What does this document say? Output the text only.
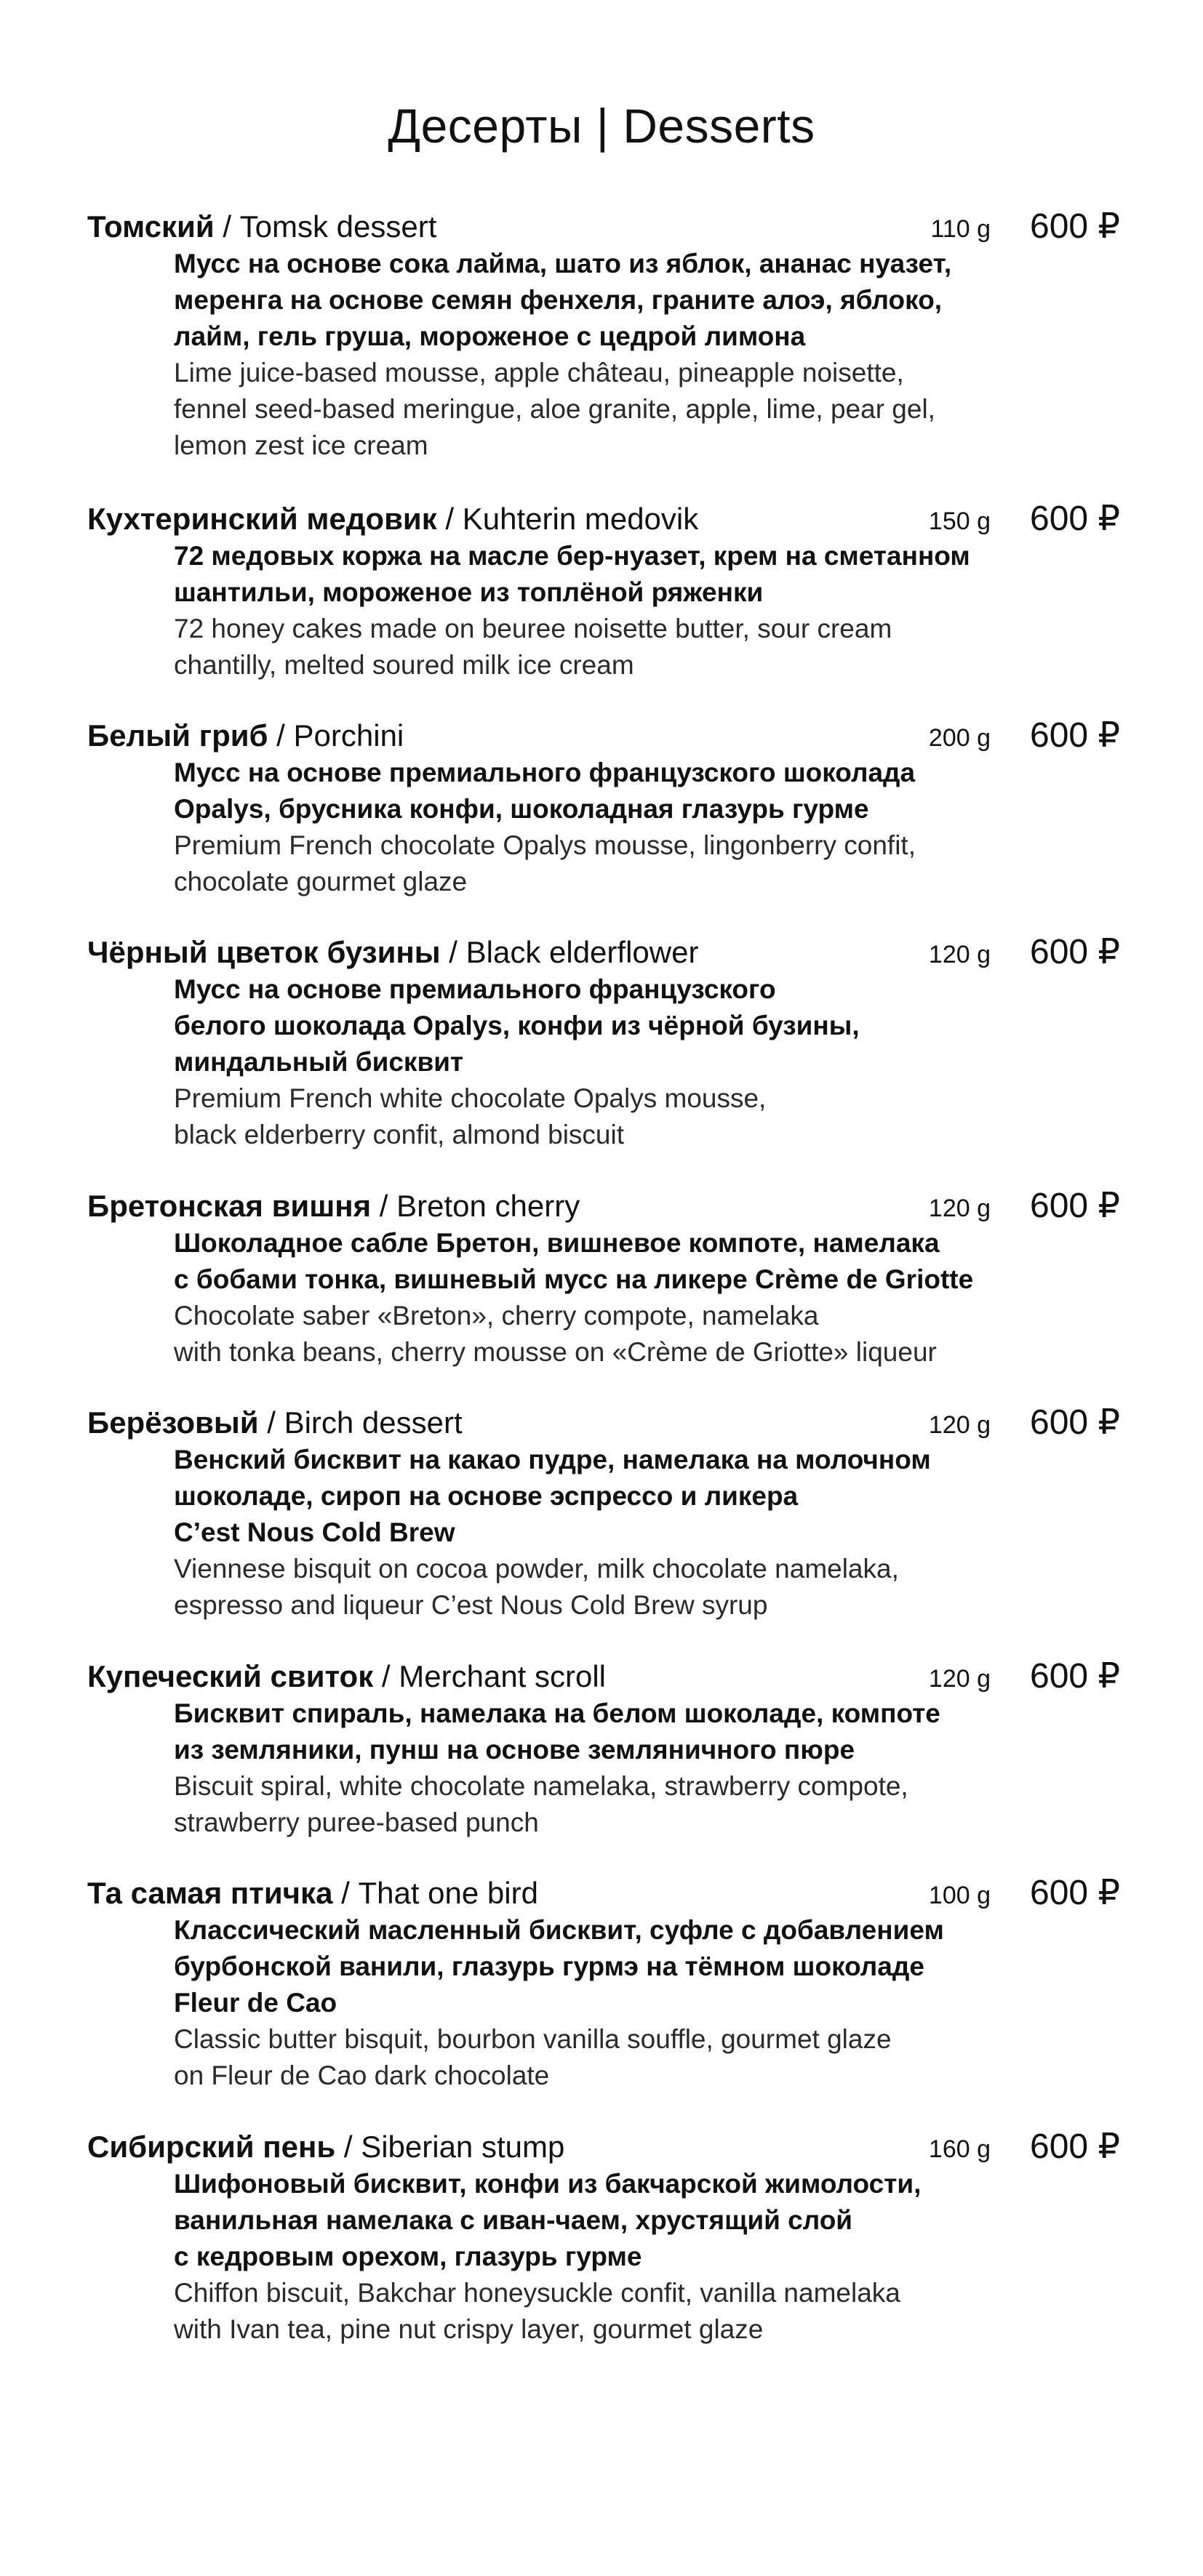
Десерты | Desserts
Томский / Tomsk dessert	110 g 600 ₽
Мусс на основе сока лайма, шато из яблок, ананас нуазет,
меренга на основе семян фенхеля, граните алоэ, яблоко,
лайм, гель груша, мороженое с цедрой лимона
Lime juice-based mousse, apple château, pineapple noisette,
fennel seed-based meringue, aloe granite, apple, lime, pear gel,
lemon zest ice cream
Кухтеринский медовик / Kuhterin medovik	150 g 600 ₽
72 медовых коржа на масле бер-нуазет, крем на сметанном
шантильи, мороженое из топлёной ряженки
72 honey cakes made on beuree noisette butter, sour cream
chantilly, melted soured milk ice cream
Белый гриб / Porchini	200 g 600 ₽
Мусс на основе премиального французского шоколада
Opalys, брусника конфи, шоколадная глазурь гурме
Premium French chocolate Opalys mousse, lingonberry confit,
chocolate gourmet glaze
Чёрный цветок бузины / Black elderflower	120 g 600 ₽
Мусс на основе премиального французского
белого шоколада Opalys, конфи из чёрной бузины,
миндальный бисквит
Premium French white chocolate Opalys mousse,
black elderberry confit, almond biscuit
Бретонская вишня / Breton cherry	120 g 600 ₽
Шоколадное сабле Бретон, вишневое компоте, намелака
с бобами тонка, вишневый мусс на ликере Crème de Griotte
Chocolate saber «Breton», cherry compote, namelaka
with tonka beans, cherry mousse on «Crème de Griotte» liqueur
Берёзовый / Birch dessert	120 g 600 ₽
Венский бисквит на какао пудре, намелака на молочном
шоколаде, сироп на основе эспрессо и ликера
C’est Nous Cold Brew
Viennese bisquit on cocoa powder, milk chocolate namelaka,
espresso and liqueur C’est Nous Cold Brew syrup
Купеческий свиток / Merchant scroll	120 g 600 ₽
Бисквит спираль, намелака на белом шоколаде, компоте
из земляники, пунш на основе земляничного пюре
Biscuit spiral, white chocolate namelaka, strawberry compote,
strawberry puree-based punch
Та самая птичка / That one bird	100 g 600 ₽
Классический масленный бисквит, суфле с добавлением
бурбонской ванили, глазурь гурмэ на тёмном шоколаде
Fleur de Cao
Classic butter bisquit, bourbon vanilla souffle, gourmet glaze
on Fleur de Cao dark chocolate
Сибирский пень / Siberian stump	160 g 600 ₽
Шифоновый бисквит, конфи из бакчарской жимолости,
ванильная намелака с иван-чаем, хрустящий слой
с кедровым орехом, глазурь гурме
Chiffon biscuit, Bakchar honeysuckle confit, vanilla namelaka
with Ivan tea, pine nut crispy layer, gourmet glaze
